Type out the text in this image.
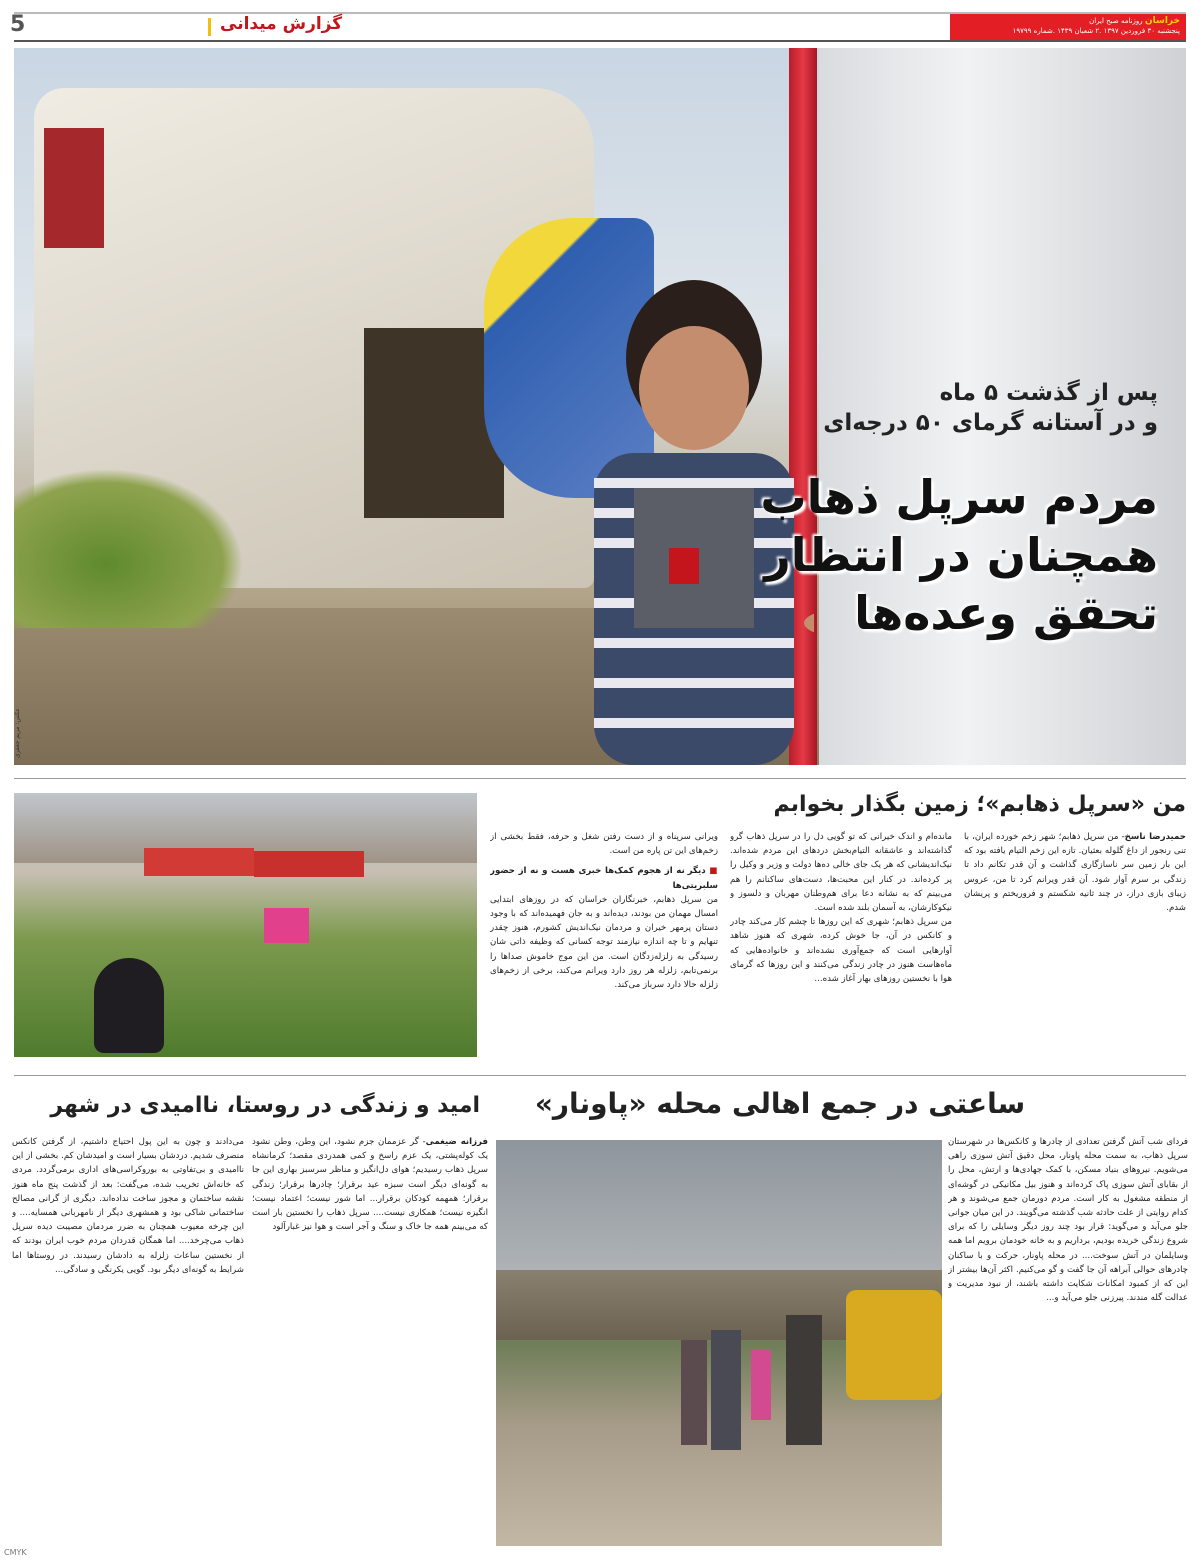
خراسان روزنامه صبح ایران
پنجشنبه ۳۰ فروردین ۱۳۹۷ .۲ شعبان ۱۴۳۹ .شماره ۱۹۷۹۹
گزارش میدانی
5
پس از گذشت ۵ ماه
و در آستانه گرمای ۵۰ درجه‌ای
مردم سرپل ذهاب
همچنان در انتظار
تحقق وعده‌ها
عکس: مریم جعفری
من «سرپل ذهابم»؛ زمین بگذار بخوابم
حمیدرضا ناسخ- من سرپل ذهابم؛ شهر زخم خورده ایران، با تنی رنجور از داغ گلوله بعثیان. تازه این زخم التیام یافته بود که این بار زمین سر ناسازگاری گذاشت و آن قدر تکانم داد تا زندگی بر سرم آوار شود. آن قدر ویرانم کرد تا من، عروس زیبای بازی دراز، در چند ثانیه شکستم و فروریختم و پریشان شدم.
مانده‌ام و اندک خیرانی که تو گویی دل را در سرپل ذهاب گرو گذاشته‌اند و عاشقانه التیام‌بخش دردهای این مردم شده‌اند. نیک‌اندیشانی که هر یک جای خالی ده‌ها دولت و وزیر و وکیل را پر کرده‌اند. در کنار این محبت‌ها، دست‌های ساکنانم را هم می‌بینم که به نشانه دعا برای هم‌وطنان مهربان و دلسوز و نیکوکارشان، به آسمان بلند شده است.
من سرپل ذهابم؛ شهری که این روزها تا چشم کار می‌کند چادر و کانکس در آن، جا خوش کرده، شهری که هنوز شاهد آوارهایی است که جمع‌آوری نشده‌اند و خانواده‌هایی که ماه‌هاست هنوز در چادر زندگی می‌کنند و این روزها که گرمای هوا با نخستین روزهای بهار آغاز شده...
ویرانی سرپناه و از دست رفتن شغل و حرفه، فقط بخشی از زخم‌های این تن پاره من است.
■ دیگر نه از هجوم کمک‌ها خبری هست و نه از حضور سلبریتی‌ها
من سرپل ذهابم، خبرنگاران خراسان که در روزهای ابتدایی امسال مهمان من بودند، دیده‌اند و به جان فهمیده‌اند که با وجود دستان پرمهر خیران و مردمان نیک‌اندیش کشورم، هنوز چقدر تنهایم و تا چه اندازه نیازمند توجه کسانی که وظیفه ذاتی شان رسیدگی به زلزله‌زدگان است. من این موج خاموش صداها را برنمی‌تابم، زلزله هر روز دارد ویرانم می‌کند، برخی از زخم‌های زلزله حالا دارد سرباز می‌کند.
ساعتی در جمع اهالی محله «پاونار»
فردای شب آتش گرفتن تعدادی از چادرها و کانکس‌ها در شهرستان سرپل ذهاب، به سمت محله پاونار، محل دقیق آتش سوزی راهی می‌شویم. نیروهای بنیاد مسکن، با کمک جهادی‌ها و ارتش، محل را از بقایای آتش سوزی پاک کرده‌اند و هنوز بیل مکانیکی در گوشه‌ای از منطقه مشغول به کار است. مردم دورمان جمع می‌شوند و هر کدام روایتی از علت حادثه شب گذشته می‌گویند. در این میان جوانی جلو می‌آید و می‌گوید: قرار بود چند روز دیگر وسایلی را که برای شروع زندگی خریده بودیم، برداریم و به خانه خودمان برویم اما همه وسایلمان در آتش سوخت.... در محله پاونار، حرکت و با ساکنان چادرهای حوالی آبراهه آن جا گفت و گو می‌کنیم. اکثر آن‌ها بیشتر از این که از کمبود امکانات شکایت داشته باشند، از نبود مدیریت و عدالت گله مندند. پیرزنی جلو می‌آید و...
امید و زندگی در روستا، ناامیدی در شهر
فرزانه ضیغمی- گر عزممان جزم نشود، این وطن، وطن نشود یک کوله‌پشتی، یک عزم راسخ و کمی همدردی مقصد؛ کرمانشاه سرپل ذهاب رسیدیم؛ هوای دل‌انگیز و مناظر سرسبز بهاری این جا به گونه‌ای دیگر است سبزه عید برقرار؛ چادرها برقرار؛ زندگی برقرار؛ همهمه کودکان برقرار... اما شور نیست؛ اعتماد نیست؛ انگیزه نیست؛ همکاری نیست.... سرپل ذهاب را نخستین بار است که می‌بینم همه جا خاک و سنگ و آجر است و هوا نیز غبارآلود
می‌دادند و چون به این پول احتیاج داشتیم، از گرفتن کانکس منصرف شدیم. دردشان بسیار است و امیدشان کم. بخشی از این ناامیدی و بی‌تفاوتی به بوروکراسی‌های اداری برمی‌گردد. مردی که خانه‌اش تخریب شده، می‌گفت: بعد از گذشت پنج ماه هنوز نقشه ساختمان و مجوز ساخت نداده‌اند. دیگری از گرانی مصالح ساختمانی شاکی بود و همشهری دیگر از نامهربانی همسایه.... و این چرخه معیوب همچنان به ضرر مردمان مصیبت دیده سرپل ذهاب می‌چرخد.... اما همگان قدردان مردم خوب ایران بودند که از نخستین ساعات زلزله به دادشان رسیدند. در روستاها اما شرایط به گونه‌ای دیگر بود. گویی یکرنگی و سادگی...
CMYK
